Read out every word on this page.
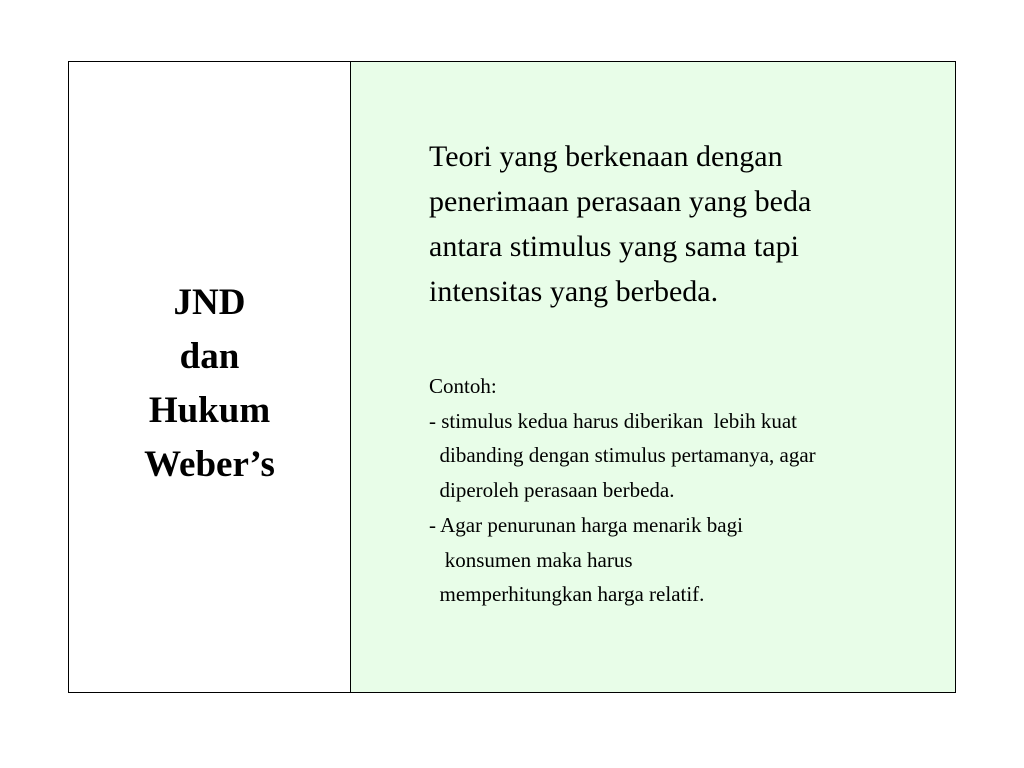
JND
dan
Hukum
Weber’s
Teori yang berkenaan dengan
penerimaan perasaan yang beda
antara stimulus yang sama tapi
intensitas yang berbeda.
Contoh:
- stimulus kedua harus diberikan  lebih kuat
dibanding dengan stimulus pertamanya, agar
diperoleh perasaan berbeda.
- Agar penurunan harga menarik bagi
konsumen maka harus
memperhitungkan harga relatif.
